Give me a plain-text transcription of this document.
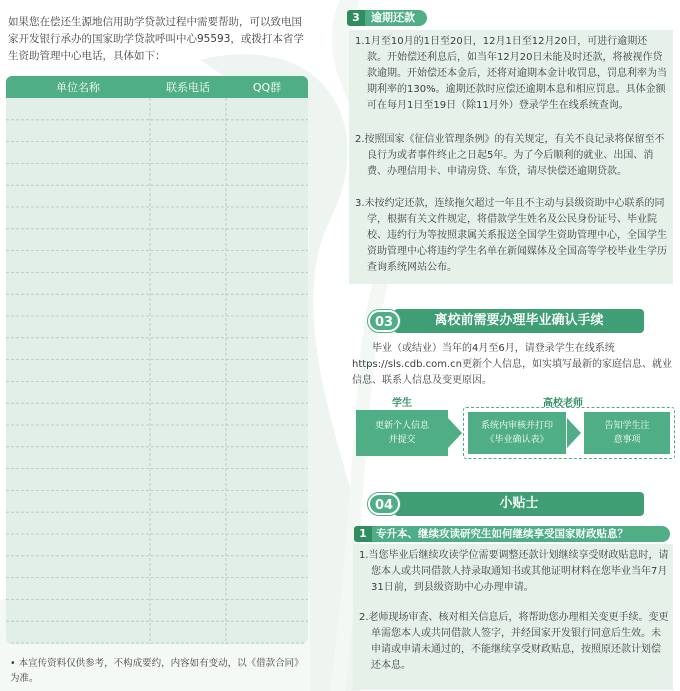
如果您在偿还生源地信用助学贷款过程中需要帮助，可以致电国家开发银行承办的国家助学贷款呼叫中心95593，或拨打本省学生资助管理中心电话，具体如下：
单位名称	联系电话	QQ群
• 本宣传资料仅供参考，不构成要约，内容如有变动，以《借款合同》为准。
3	逾期还款
1.1月至10月的1日至20日，12月1日至12月20日，可进行逾期还款。开始偿还利息后，如当年12月20日未能及时还款，将被视作贷款逾期。开始偿还本金后，还将对逾期本金计收罚息，罚息利率为当期利率的130%。逾期还款时应偿还逾期本息和相应罚息。具体金额可在每月1日至19日（除11月外）登录学生在线系统查询。
2.按照国家《征信业管理条例》的有关规定，有关不良记录将保留至不良行为或者事件终止之日起5年。为了今后顺利的就业、出国、消费、办理信用卡、申请房贷、车贷，请尽快偿还逾期贷款。
3.未按约定还款，连续拖欠超过一年且不主动与县级资助中心联系的同学，根据有关文件规定，将借款学生姓名及公民身份证号、毕业院校、违约行为等按照隶属关系报送全国学生资助管理中心，全国学生资助管理中心将违约学生名单在新闻媒体及全国高等学校毕业生学历查询系统网站公布。
03	离校前需要办理毕业确认手续
毕业（或结业）当年的4月至6月，请登录学生在线系统https://sls.cdb.com.cn更新个人信息，如实填写最新的家庭信息、就业信息、联系人信息及变更原因。
学生	高校老师
更新个人信息并提交
系统内审核并打印《毕业确认表》
告知学生注意事项
04	小贴士
1 专升本、继续攻读研究生如何继续享受国家财政贴息？
1.当您毕业后继续攻读学位需要调整还款计划继续享受财政贴息时，请您本人或共同借款人持录取通知书或其他证明材料在您毕业当年7月31日前，到县级资助中心办理申请。
2.老师现场审查、核对相关信息后，将帮助您办理相关变更手续。变更单需您本人或共同借款人签字，并经国家开发银行同意后生效。未申请或申请未通过的，不能继续享受财政贴息，按照原还款计划偿还本息。
